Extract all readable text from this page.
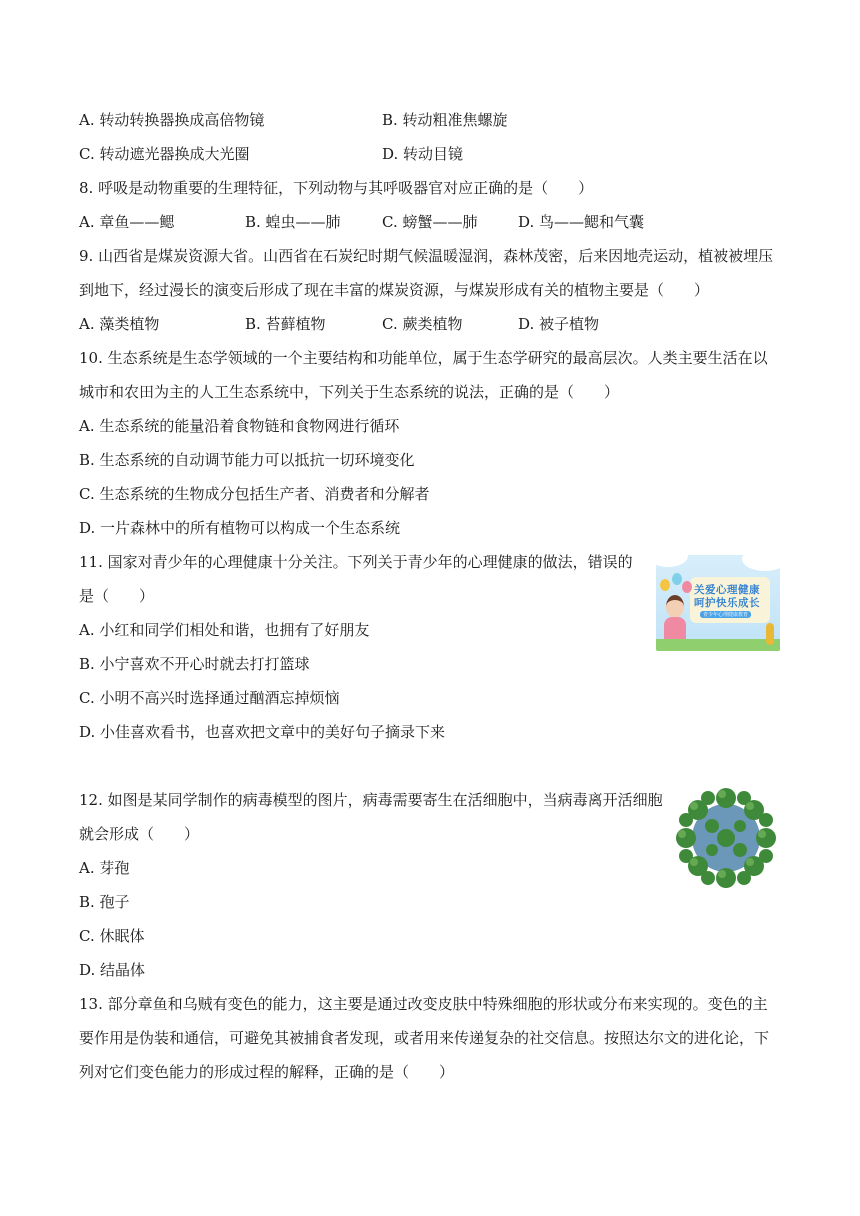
A. 转动转换器换成高倍物镜	B. 转动粗准焦螺旋
C. 转动遮光器换成大光圈	D. 转动目镜
8. 呼吸是动物重要的生理特征，下列动物与其呼吸器官对应正确的是（　　）
A. 章鱼——鳃	B. 蝗虫——肺	C. 螃蟹——肺	D. 鸟——鳃和气囊
9. 山西省是煤炭资源大省。山西省在石炭纪时期气候温暖湿润，森林茂密，后来因地壳运动，植被被埋压
到地下，经过漫长的演变后形成了现在丰富的煤炭资源，与煤炭形成有关的植物主要是（　　）
A. 藻类植物	B. 苔藓植物	C. 蕨类植物	D. 被子植物
10. 生态系统是生态学领域的一个主要结构和功能单位，属于生态学研究的最高层次。人类主要生活在以
城市和农田为主的人工生态系统中，下列关于生态系统的说法，正确的是（　　）
A. 生态系统的能量沿着食物链和食物网进行循环
B. 生态系统的自动调节能力可以抵抗一切环境变化
C. 生态系统的生物成分包括生产者、消费者和分解者
D. 一片森林中的所有植物可以构成一个生态系统
11. 国家对青少年的心理健康十分关注。下列关于青少年的心理健康的做法，错误的
是（　　）
A. 小红和同学们相处和谐，也拥有了好朋友
B. 小宁喜欢不开心时就去打打篮球
C. 小明不高兴时选择通过酗酒忘掉烦恼
D. 小佳喜欢看书，也喜欢把文章中的美好句子摘录下来
关爱心理健康
呵护快乐成长
青少年心理健康教育
12. 如图是某同学制作的病毒模型的图片，病毒需要寄生在活细胞中，当病毒离开活细胞
就会形成（　　）
A. 芽孢
B. 孢子
C. 休眠体
D. 结晶体
13. 部分章鱼和乌贼有变色的能力，这主要是通过改变皮肤中特殊细胞的形状或分布来实现的。变色的主
要作用是伪装和通信，可避免其被捕食者发现，或者用来传递复杂的社交信息。按照达尔文的进化论，下
列对它们变色能力的形成过程的解释，正确的是（　　）
